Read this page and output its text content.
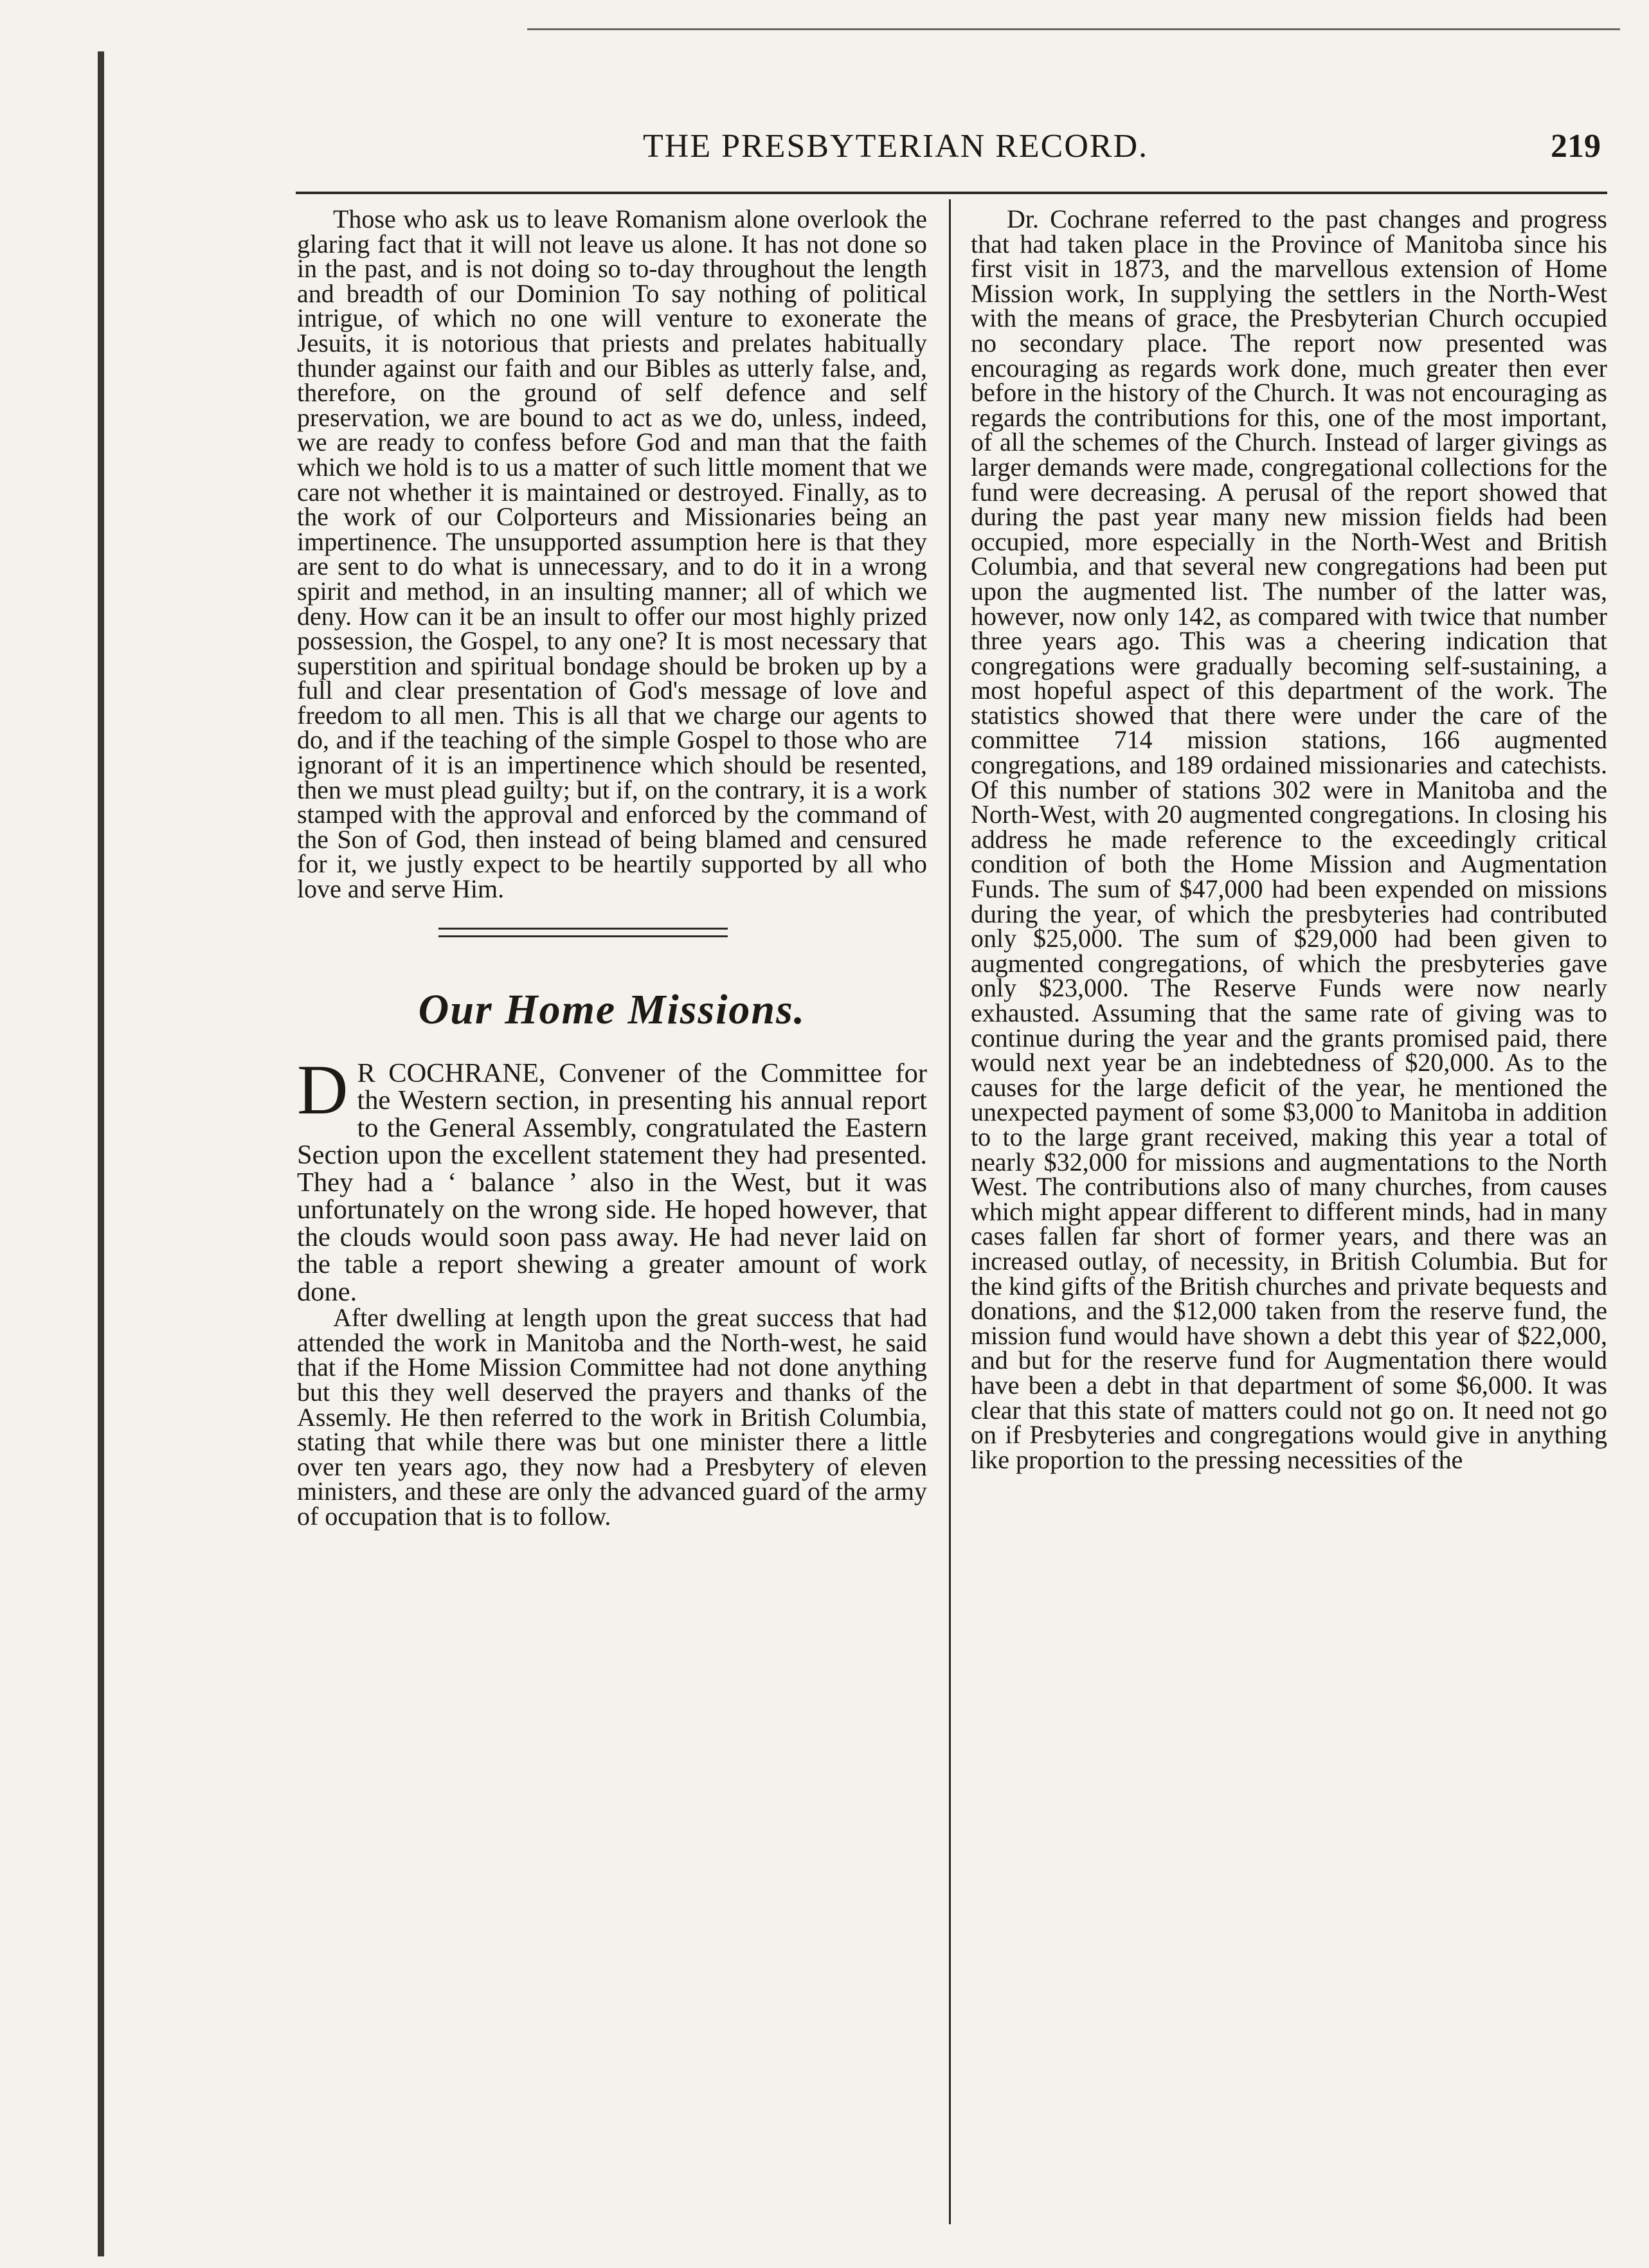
THE PRESBYTERIAN RECORD.	219

Those who ask us to leave Romanism alone overlook the glaring fact that it will not leave us alone. It has not done so in the past, and is not doing so to-day throughout the length and breadth of our Dominion To say nothing of political intrigue, of which no one will venture to exonerate the Jesuits, it is notorious that priests and prelates habitually thunder against our faith and our Bibles as utterly false, and, therefore, on the ground of self defence and self preservation, we are bound to act as we do, unless, indeed, we are ready to confess before God and man that the faith which we hold is to us a matter of such little moment that we care not whether it is maintained or destroyed. Finally, as to the work of our Colporteurs and Missionaries being an impertinence. The unsupported assumption here is that they are sent to do what is unnecessary, and to do it in a wrong spirit and method, in an insulting manner; all of which we deny. How can it be an insult to offer our most highly prized possession, the Gospel, to any one? It is most necessary that superstition and spiritual bondage should be broken up by a full and clear presentation of God's message of love and freedom to all men. This is all that we charge our agents to do, and if the teaching of the simple Gospel to those who are ignorant of it is an impertinence which should be resented, then we must plead guilty; but if, on the contrary, it is a work stamped with the approval and enforced by the command of the Son of God, then instead of being blamed and censured for it, we justly expect to be heartily supported by all who love and serve Him.

Our Home Missions.

D R COCHRANE, Convener of the Committee for the Western section, in presenting his annual report to the General Assembly, congratulated the Eastern Section upon the excellent statement they had presented. They had a ‘ balance ’ also in the West, but it was unfortunately on the wrong side. He hoped however, that the clouds would soon pass away. He had never laid on the table a report shewing a greater amount of work done.

After dwelling at length upon the great success that had attended the work in Manitoba and the North-west, he said that if the Home Mission Committee had not done anything but this they well deserved the prayers and thanks of the Assemly. He then referred to the work in British Columbia, stating that while there was but one minister there a little over ten years ago, they now had a Presbytery of eleven ministers, and these are only the advanced guard of the army of occupation that is to follow.

Dr. Cochrane referred to the past changes and progress that had taken place in the Province of Manitoba since his first visit in 1873, and the marvellous extension of Home Mission work, In supplying the settlers in the North-West with the means of grace, the Presbyterian Church occupied no secondary place. The report now presented was encouraging as regards work done, much greater then ever before in the history of the Church. It was not encouraging as regards the contributions for this, one of the most important, of all the schemes of the Church. Instead of larger givings as larger demands were made, congregational collections for the fund were decreasing. A perusal of the report showed that during the past year many new mission fields had been occupied, more especially in the North-West and British Columbia, and that several new congregations had been put upon the augmented list. The number of the latter was, however, now only 142, as compared with twice that number three years ago. This was a cheering indication that congregations were gradually becoming self-sustaining, a most hopeful aspect of this department of the work. The statistics showed that there were under the care of the committee 714 mission stations, 166 augmented congregations, and 189 ordained missionaries and catechists. Of this number of stations 302 were in Manitoba and the North-West, with 20 augmented congregations. In closing his address he made reference to the exceedingly critical condition of both the Home Mission and Augmentation Funds. The sum of $47,000 had been expended on missions during the year, of which the presbyteries had contributed only $25,000. The sum of $29,000 had been given to augmented congregations, of which the presbyteries gave only $23,000. The Reserve Funds were now nearly exhausted. Assuming that the same rate of giving was to continue during the year and the grants promised paid, there would next year be an indebtedness of $20,000. As to the causes for the large deficit of the year, he mentioned the unexpected payment of some $3,000 to Manitoba in addition to to the large grant received, making this year a total of nearly $32,000 for missions and augmentations to the North West. The contributions also of many churches, from causes which might appear different to different minds, had in many cases fallen far short of former years, and there was an increased outlay, of necessity, in British Columbia. But for the kind gifts of the British churches and private bequests and donations, and the $12,000 taken from the reserve fund, the mission fund would have shown a debt this year of $22,000, and but for the reserve fund for Augmentation there would have been a debt in that department of some $6,000. It was clear that this state of matters could not go on. It need not go on if Presbyteries and congregations would give in anything like proportion to the pressing necessities of the
